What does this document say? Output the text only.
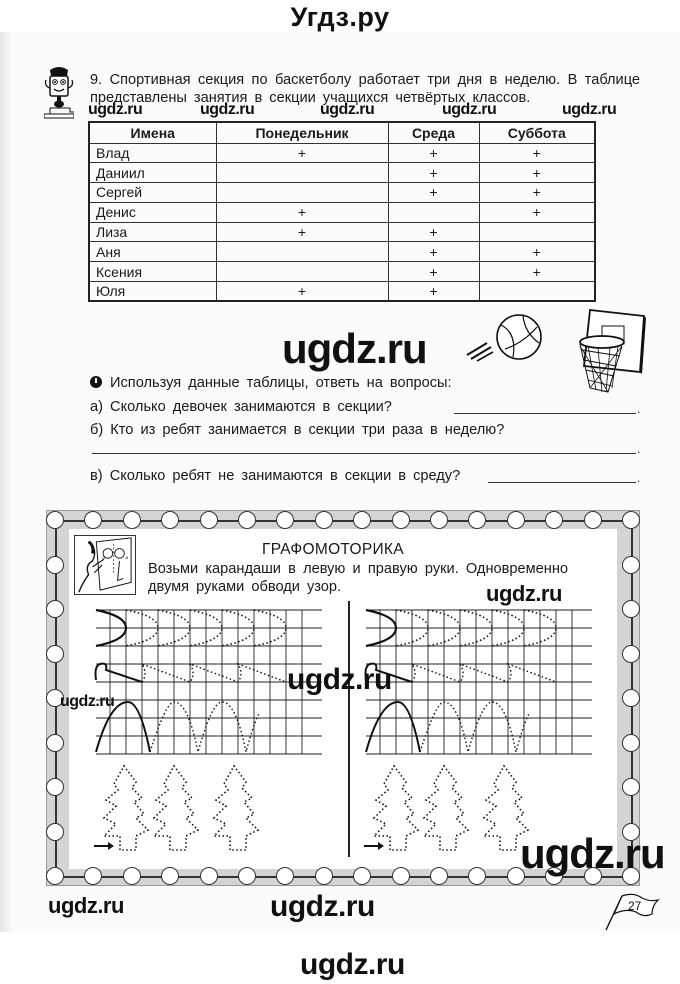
Угдз.ру
9. Спортивная секция по баскетболу работает три дня в неделю. В таблице представлены занятия в секции учащихся четвёртых классов.
ugdz.ru	ugdz.ru	ugdz.ru	ugdz.ru	ugdz.ru
Имена	Понедельник	Среда	Суббота
Влад	+	+	+
Даниил		+	+
Сергей		+	+
Денис	+		+
Лиза	+	+	
Аня		+	+
Ксения		+	+
Юля	+	+	
ugdz.ru
Используя данные таблицы, ответь на вопросы:
а) Сколько девочек занимаются в секции?	.
б) Кто из ребят занимается в секции три раза в неделю?
.
в) Сколько ребят не занимаются в секции в среду?	.
o	a
ГРАФОМОТОРИКА
Возьми карандаши в левую и правую руки. Одновременно двумя руками обводи узор.	ugdz.ru
ugdz.ru
ugdz.ru
ugdz.ru
ugdz.ru	ugdz.ru
ugdz.ru
27
